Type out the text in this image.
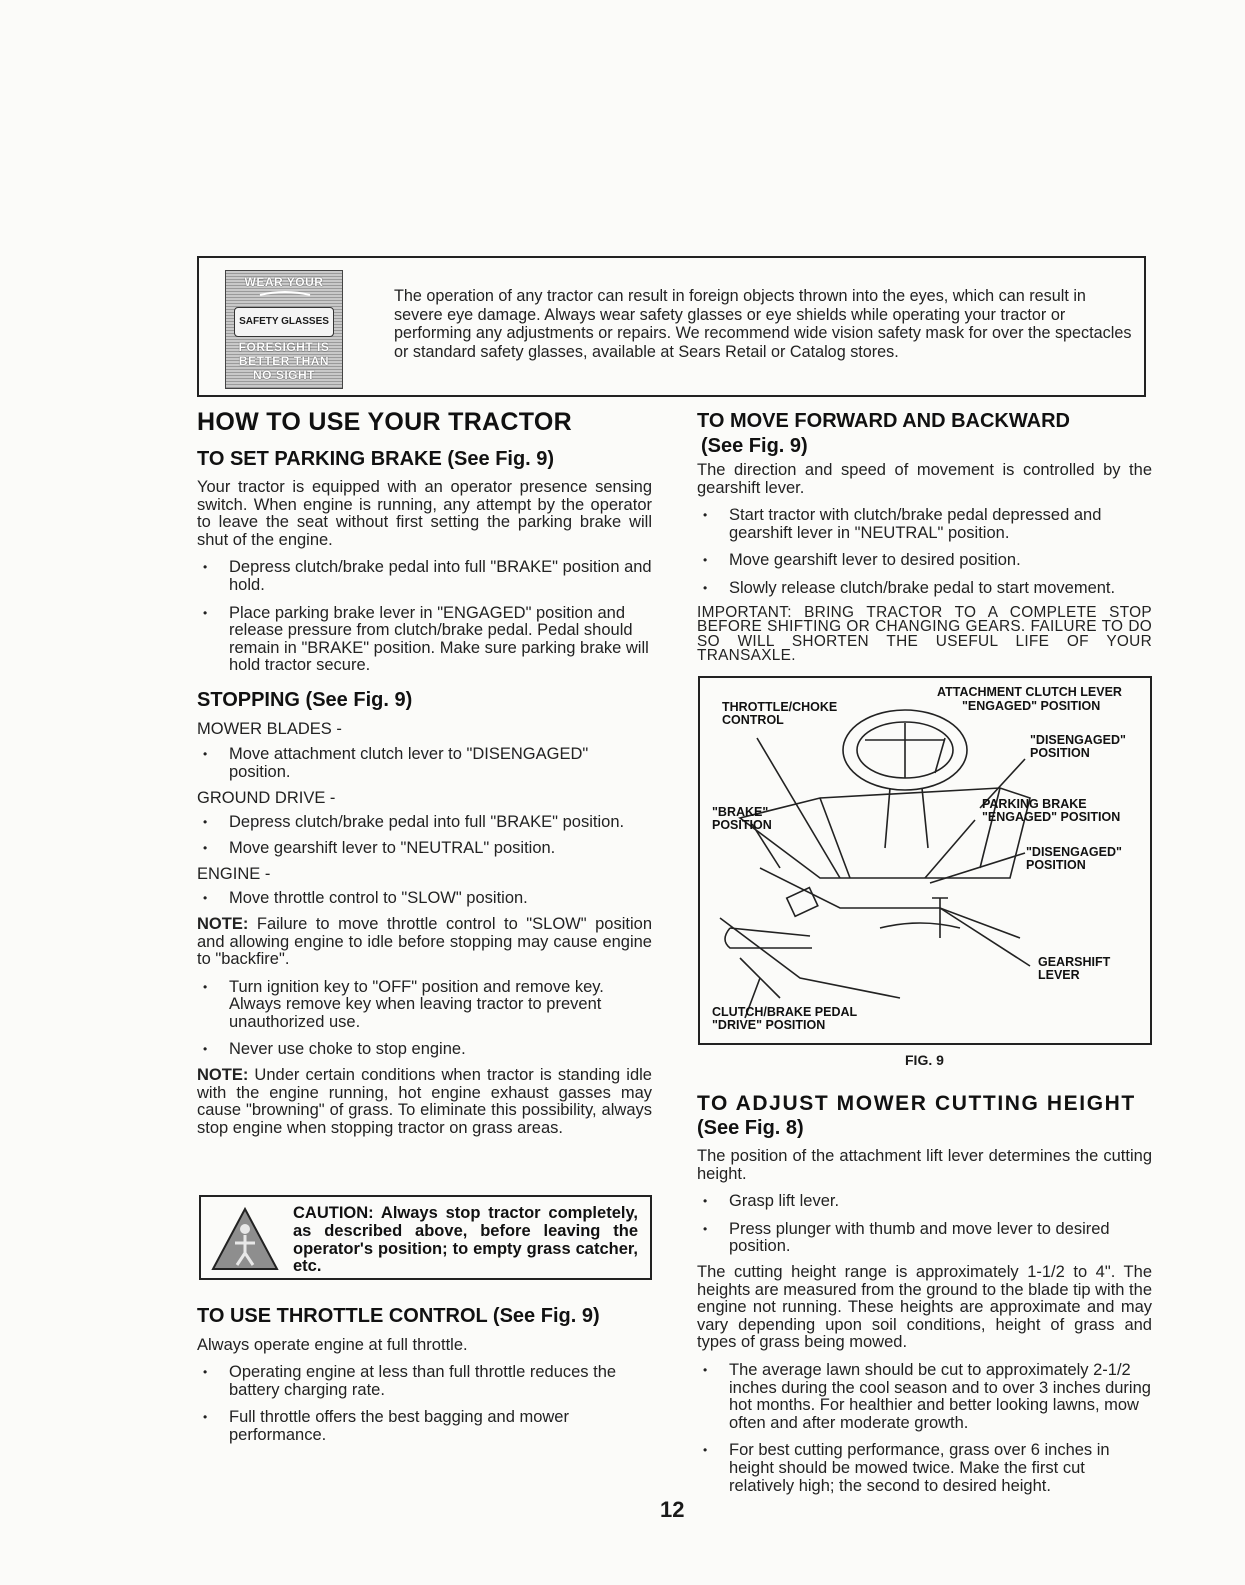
WEAR YOUR
SAFETY GLASSES
FORESIGHT IS BETTER THAN NO SIGHT
The operation of any tractor can result in foreign objects thrown into the eyes, which can result in severe eye damage. Always wear safety glasses or eye shields while operating your tractor or performing any adjustments or repairs. We recommend wide vision safety mask for over the spectacles or standard safety glasses, available at Sears Retail or Catalog stores.
HOW TO USE YOUR TRACTOR
TO SET PARKING BRAKE (See Fig. 9)

Your tractor is equipped with an operator presence sensing switch. When engine is running, any attempt by the operator to leave the seat without first setting the parking brake will shut of the engine.

• Depress clutch/brake pedal into full "BRAKE" position and hold.
• Place parking brake lever in "ENGAGED" position and release pressure from clutch/brake pedal. Pedal should remain in "BRAKE" position. Make sure parking brake will hold tractor secure.
STOPPING (See Fig. 9)
MOWER BLADES -
• Move attachment clutch lever to "DISENGAGED" position.
GROUND DRIVE -
• Depress clutch/brake pedal into full "BRAKE" position.
• Move gearshift lever to "NEUTRAL" position.
ENGINE -
• Move throttle control to "SLOW" position.

NOTE: Failure to move throttle control to "SLOW" position and allowing engine to idle before stopping may cause engine to "backfire".

• Turn ignition key to "OFF" position and remove key. Always remove key when leaving tractor to prevent unauthorized use.
• Never use choke to stop engine.

NOTE: Under certain conditions when tractor is standing idle with the engine running, hot engine exhaust gasses may cause "browning" of grass. To eliminate this possibility, always stop engine when stopping tractor on grass areas.

CAUTION: Always stop tractor completely, as described above, before leaving the operator's position; to empty grass catcher, etc.
TO USE THROTTLE CONTROL (See Fig. 9)

Always operate engine at full throttle.

• Operating engine at less than full throttle reduces the battery charging rate.
• Full throttle offers the best bagging and mower performance.
TO MOVE FORWARD AND BACKWARD
(See Fig. 9)

The direction and speed of movement is controlled by the gearshift lever.

• Start tractor with clutch/brake pedal depressed and gearshift lever in "NEUTRAL" position.
• Move gearshift lever to desired position.
• Slowly release clutch/brake pedal to start movement.

IMPORTANT: BRING TRACTOR TO A COMPLETE STOP BEFORE SHIFTING OR CHANGING GEARS. FAILURE TO DO SO WILL SHORTEN THE USEFUL LIFE OF YOUR TRANSAXLE.

ATTACHMENT CLUTCH LEVER
"ENGAGED" POSITION
THROTTLE/CHOKE
CONTROL
"DISENGAGED"
POSITION
"BRAKE"
POSITION
PARKING BRAKE
"ENGAGED" POSITION
"DISENGAGED"
POSITION
GEARSHIFT
LEVER
CLUTCH/BRAKE PEDAL
"DRIVE" POSITION
FIG. 9
TO ADJUST MOWER CUTTING HEIGHT
(See Fig. 8)

The position of the attachment lift lever determines the cutting height.

• Grasp lift lever.
• Press plunger with thumb and move lever to desired position.

The cutting height range is approximately 1-1/2 to 4". The heights are measured from the ground to the blade tip with the engine not running. These heights are approximate and may vary depending upon soil conditions, height of grass and types of grass being mowed.

• The average lawn should be cut to approximately 2-1/2 inches during the cool season and to over 3 inches during hot months. For healthier and better looking lawns, mow often and after moderate growth.
• For best cutting performance, grass over 6 inches in height should be mowed twice. Make the first cut relatively high; the second to desired height.
12
